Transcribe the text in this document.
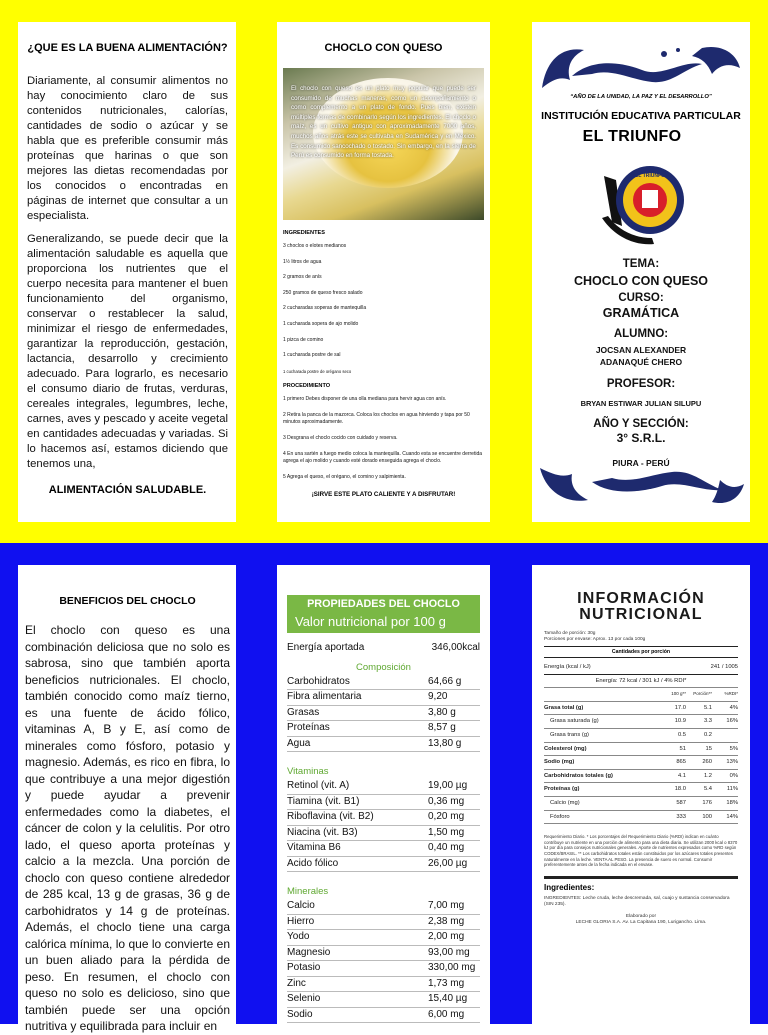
¿QUE ES LA BUENA ALIMENTACIÓN?

Diariamente, al consumir alimentos no hay conocimiento claro de sus contenidos nutricionales, calorías, cantidades de sodio o azúcar y se habla que es preferible consumir más proteínas que harinas o que son mejores las dietas recomendadas por los conocidos o encontradas en páginas de internet que consultar a un especialista.

Generalizando, se puede decir que la alimentación saludable es aquella que proporciona los nutrientes que el cuerpo necesita para mantener el buen funcionamiento del organismo, conservar o restablecer la salud, minimizar el riesgo de enfermedades, garantizar la reproducción, gestación, lactancia, desarrollo y crecimiento adecuado. Para lograrlo, es necesario el consumo diario de frutas, verduras, cereales integrales, legumbres, leche, carnes, aves y pescado y aceite vegetal en cantidades adecuadas y variadas. Si lo hacemos así, estamos diciendo que tenemos una,

ALIMENTACIÓN SALUDABLE.
CHOCLO CON QUESO
El choclo con queso es un plato muy popular que puede ser consumido de muchas maneras, como un acompañamiento o como complemento a un plato de fondo. Pues bien, existen múltiples formas de combinarlo según los ingredientes. El choclo o maíz, es un cultivo antiguo con aproximadamente 7000 años, muchos años atrás este se cultivaba en Sudamérica y en México. Es consumido sancochado o tostado. Sin embargo, en la sierra de Perú es consumido en forma tostada.
INGREDIENTES
3 choclos o elotes medianos
1½ litros de agua
2 gramos de anís
250 gramos de queso fresco salado
2 cucharadas soperas de mantequilla
1 cucharada sopera de ajo molido
1 pizca de comino
1 cucharada postre de sal
1 cucharada postre de orégano seco
PROCEDIMIENTO
1 primero Debes disponer de una olla mediana para hervir agua con anís.
2 Retira la panca de la mazorca. Coloca los choclos en agua hirviendo y tapa por 50 minutos aproximadamente.
3 Desgrana el choclo cocido con cuidado y reserva.
4 En una sartén a fuego medio coloca la mantequilla. Cuando esta se encuentre derretida agrega el ajo molido y cuando esté dorado enseguida agrega el choclo.
5 Agrega el queso, el orégano, el comino y salpimienta.
¡SIRVE ESTE PLATO CALIENTE Y A DISFRUTAR!
“AÑO DE LA UNIDAD, LA PAZ Y EL DESARROLLO”
INSTITUCIÓN EDUCATIVA PARTICULAR
EL TRIUNFO
EL TRIUNFO
TEMA:
CHOCLO CON QUESO
CURSO:
GRAMÁTICA
ALUMNO:
JOCSAN ALEXANDER
ADANAQUÉ CHERO
PROFESOR:
BRYAN ESTIWAR JULIAN SILUPU
AÑO Y SECCIÓN:
3° S.R.L.
PIURA - PERÚ
BENEFICIOS DEL CHOCLO

El choclo con queso es una combinación deliciosa que no solo es sabrosa, sino que también aporta beneficios nutricionales. El choclo, también conocido como maíz tierno, es una fuente de ácido fólico, vitaminas A, B y E, así como de minerales como fósforo, potasio y magnesio. Además, es rico en fibra, lo que contribuye a una mejor digestión y puede ayudar a prevenir enfermedades como la diabetes, el cáncer de colon y la celulitis. Por otro lado, el queso aporta proteínas y calcio a la mezcla. Una porción de choclo con queso contiene alrededor de 285 kcal, 13 g de grasas, 36 g de carbohidratos y 14 g de proteínas. Además, el choclo tiene una carga calórica mínima, lo que lo convierte en un buen aliado para la pérdida de peso. En resumen, el choclo con queso no solo es delicioso, sino que también puede ser una opción nutritiva y equilibrada para incluir en

PROPIEDADES DEL CHOCLO
Valor nutricional por 100 g
Energía aportada	346,00kcal
Composición
Carbohidratos	64,66 g
Fibra alimentaria	9,20
Grasas	3,80 g
Proteínas	8,57 g
Agua	13,80 g
Vitaminas
Retinol (vit. A)	19,00 µg
Tiamina (vit. B1)	0,36 mg
Riboflavina (vit. B2)	0,20 mg
Niacina (vit. B3)	1,50 mg
Vitamina B6	0,40 mg
Acido fólico	26,00 µg
Minerales
Calcio	7,00 mg
Hierro	2,38 mg
Yodo	2,00 mg
Magnesio	93,00 mg
Potasio	330,00 mg
Zinc	1,73 mg
Selenio	15,40 µg
Sodio	6,00 mg
INFORMACIÓN
NUTRICIONAL
Tamaño de porción: 30g
Porciones por envase: Aprox. 13 por cada 100g
Cantidades por porción
Energía (kcal / kJ)	241 / 1005
Energía: 72 kcal / 301 kJ / 4% RDI*
100 g**	Porción**	%RDI*
Grasa total (g)	17.0	5.1	4%
Grasa saturada (g)	10.9	3.3	16%
Grasa trans (g)	0.5	0.2
Colesterol (mg)	51	15	5%
Sodio (mg)	865	260	13%
Carbohidratos totales (g)	4.1	1.2	0%
Proteínas (g)	18.0	5.4	11%
Calcio (mg)	587	176	18%
Fósforo	333	100	14%
Requerimiento Diario. * Los porcentajes del Requerimiento Diario (%RDI) indican en cuánto contribuye un nutriente en una porción de alimento para una dieta diaria. Se utilizan 2000 kcal o 8370 kJ por día para consejos nutricionales generales. Aporte de nutrientes expresados como %RD según CODEX/BRASIL. ** Los carbohidratos totales están constituidos por los azúcares totales presentes naturalmente en la leche. VENTA AL PESO. La presencia de suero es normal. Consumir preferentemente antes de la fecha indicada en el envase.
Ingredientes:
INGREDIENTES: Leche cruda, leche descremada, sal, cuajo y sustancia conservadora (SIN 235).
Elaborado por
LECHE GLORIA S.A. Av. La Capitana 190, Lurigancho. Lima.
